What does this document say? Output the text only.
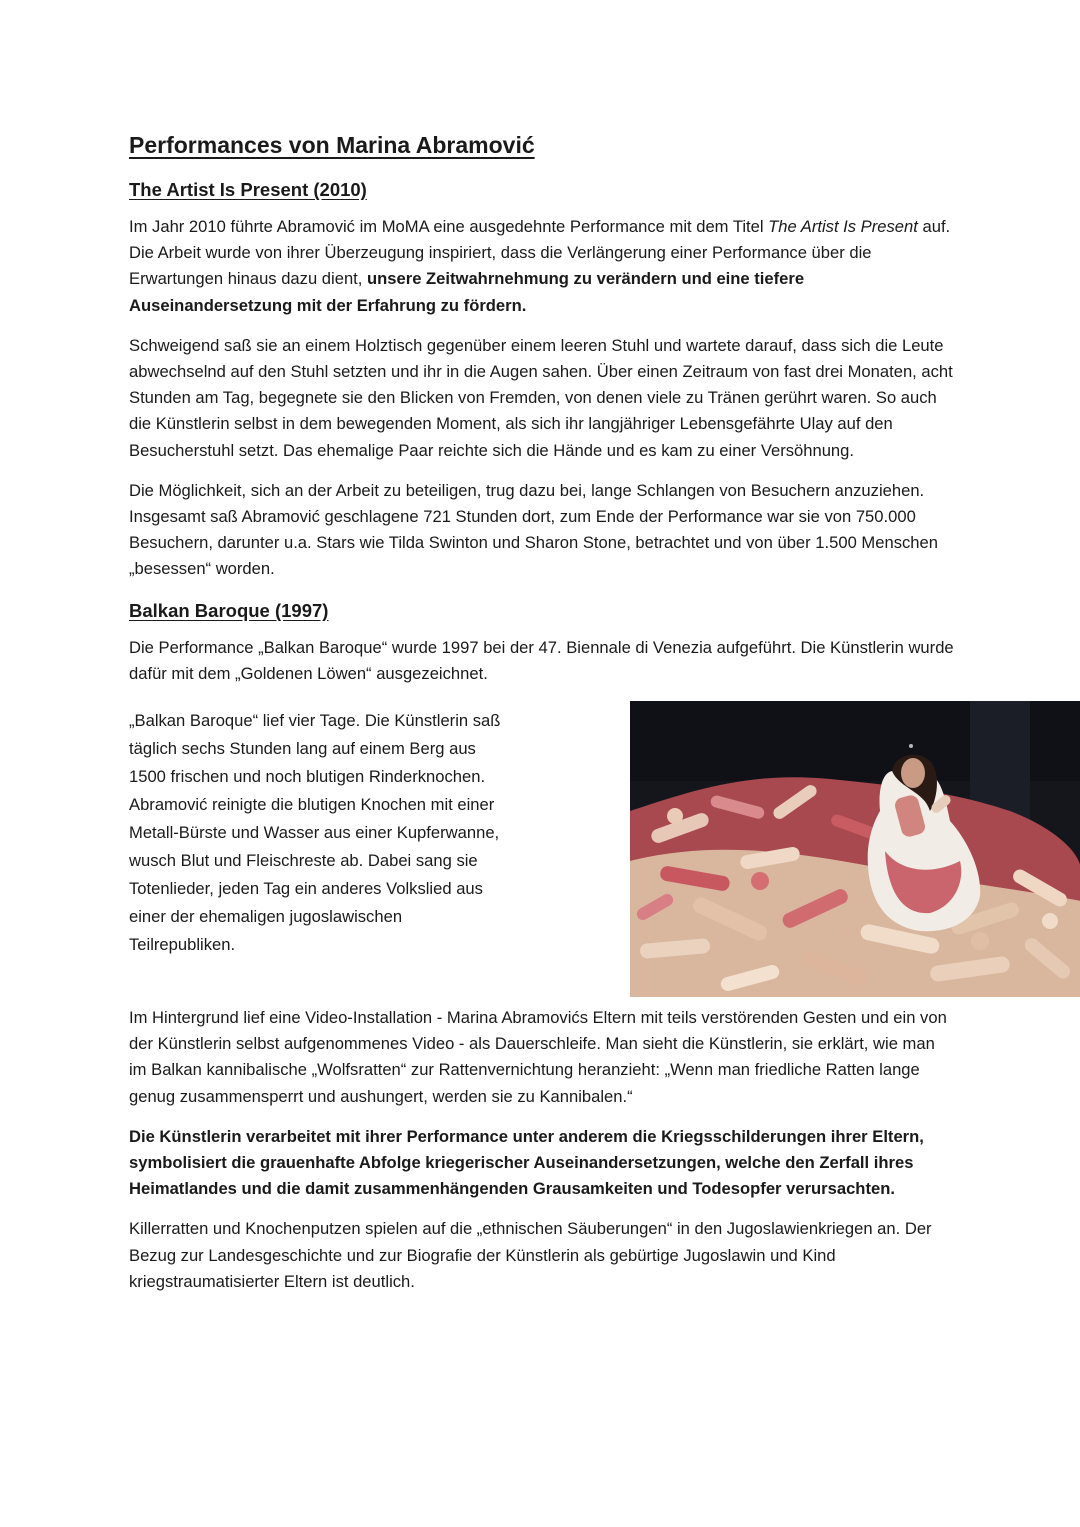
Performances von Marina Abramović
The Artist Is Present (2010)

Im Jahr 2010 führte Abramović im MoMA eine ausgedehnte Performance mit dem Titel The Artist Is Present auf. Die Arbeit wurde von ihrer Überzeugung inspiriert, dass die Verlängerung einer Performance über die Erwartungen hinaus dazu dient, unsere Zeitwahrnehmung zu verändern und eine tiefere Auseinandersetzung mit der Erfahrung zu fördern.

Schweigend saß sie an einem Holztisch gegenüber einem leeren Stuhl und wartete darauf, dass sich die Leute abwechselnd auf den Stuhl setzten und ihr in die Augen sahen. Über einen Zeitraum von fast drei Monaten, acht Stunden am Tag, begegnete sie den Blicken von Fremden, von denen viele zu Tränen gerührt waren. So auch die Künstlerin selbst in dem bewegenden Moment, als sich ihr langjähriger Lebensgefährte Ulay auf den Besucherstuhl setzt. Das ehemalige Paar reichte sich die Hände und es kam zu einer Versöhnung.

Die Möglichkeit, sich an der Arbeit zu beteiligen, trug dazu bei, lange Schlangen von Besuchern anzuziehen. Insgesamt saß Abramović geschlagene 721 Stunden dort, zum Ende der Performance war sie von 750.000 Besuchern, darunter u.a. Stars wie Tilda Swinton und Sharon Stone, betrachtet und von über 1.500 Menschen „besessen“ worden.

Balkan Baroque (1997)

Die Performance „Balkan Baroque“ wurde 1997 bei der 47. Biennale di Venezia aufgeführt. Die Künstlerin wurde dafür mit dem „Goldenen Löwen“ ausgezeichnet.

„Balkan Baroque“ lief vier Tage. Die Künstlerin saß täglich sechs Stunden lang auf einem Berg aus 1500 frischen und noch blutigen Rinderknochen. Abramović reinigte die blutigen Knochen mit einer Metall-Bürste und Wasser aus einer Kupferwanne, wusch Blut und Fleischreste ab. Dabei sang sie Totenlieder, jeden Tag ein anderes Volkslied aus einer der ehemaligen jugoslawischen Teilrepubliken.

Im Hintergrund lief eine Video-Installation - Marina Abramovićs Eltern mit teils verstörenden Gesten und ein von der Künstlerin selbst aufgenommenes Video - als Dauerschleife. Man sieht die Künstlerin, sie erklärt, wie man im Balkan kannibalische „Wolfsratten“ zur Rattenvernichtung heranzieht: „Wenn man friedliche Ratten lange genug zusammensperrt und aushungert, werden sie zu Kannibalen.“

Die Künstlerin verarbeitet mit ihrer Performance unter anderem die Kriegsschilderungen ihrer Eltern, symbolisiert die grauenhafte Abfolge kriegerischer Auseinandersetzungen, welche den Zerfall ihres Heimatlandes und die damit zusammenhängenden Grausamkeiten und Todesopfer verursachten.

Killerratten und Knochenputzen spielen auf die „ethnischen Säuberungen“ in den Jugoslawienkriegen an. Der Bezug zur Landesgeschichte und zur Biografie der Künstlerin als gebürtige Jugoslawin und Kind kriegstraumatisierter Eltern ist deutlich.
